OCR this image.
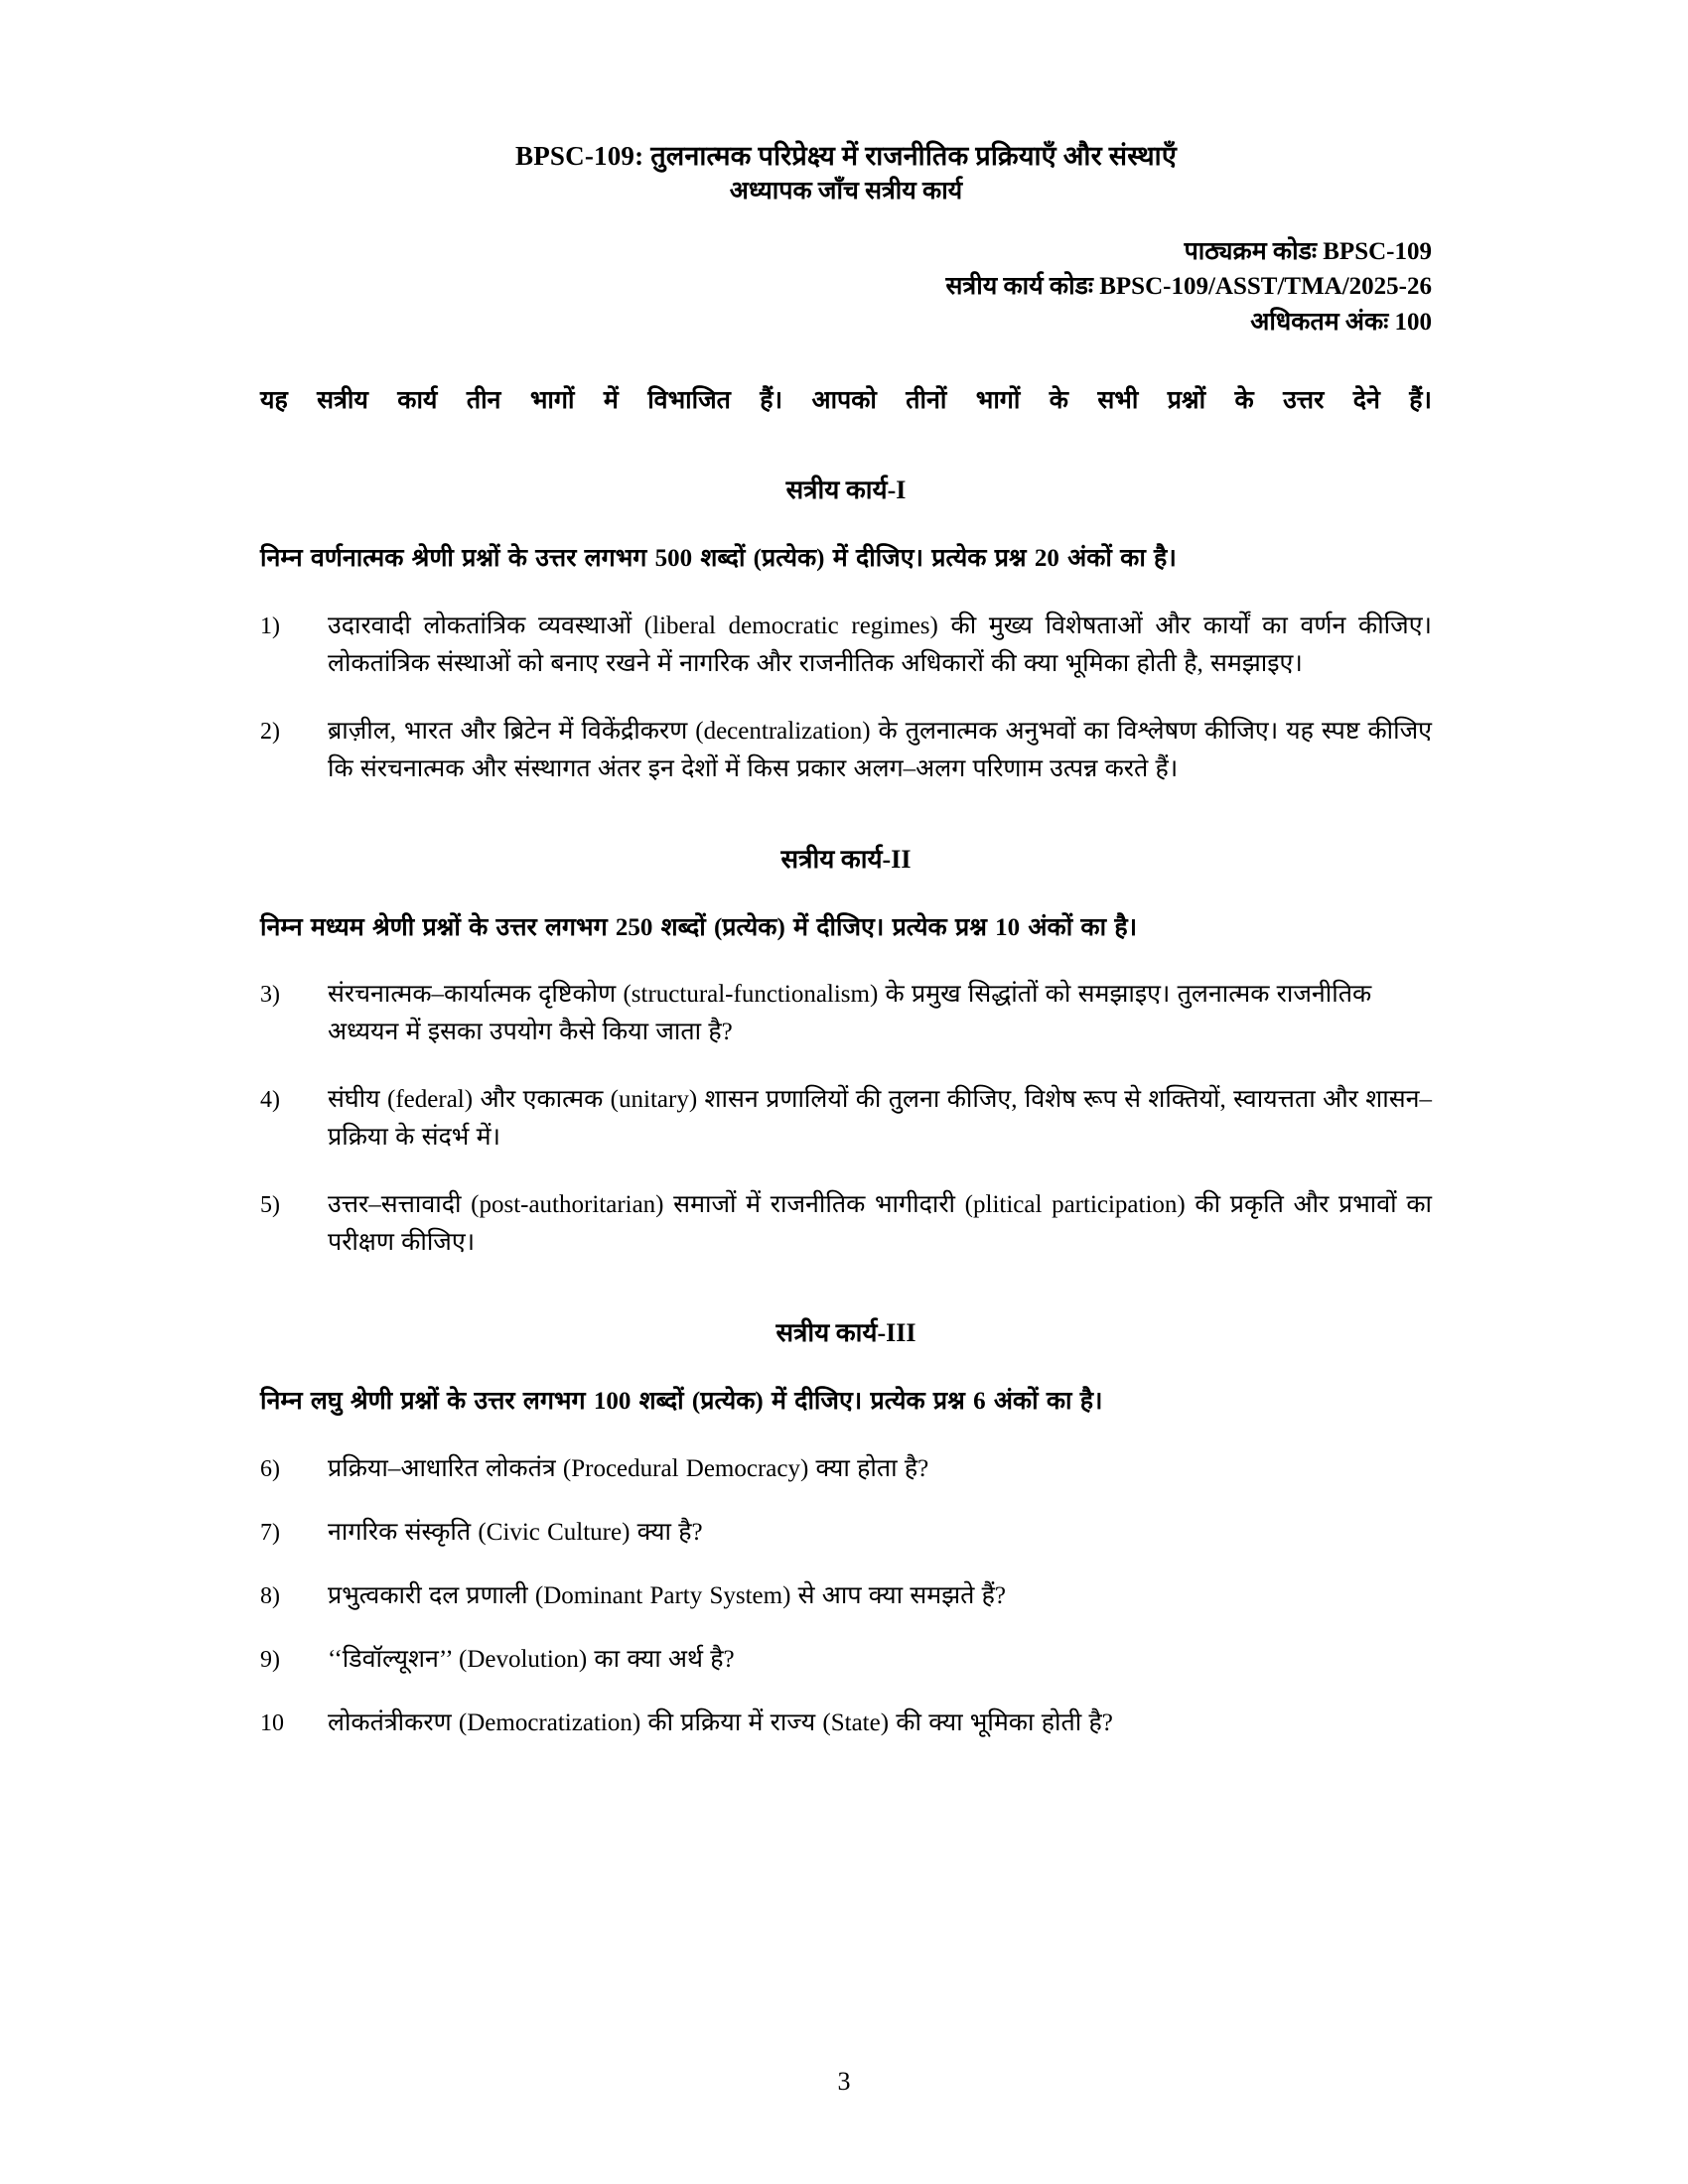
BPSC-109: तुलनात्मक परिप्रेक्ष्य में राजनीतिक प्रक्रियाएँ और संस्थाएँ
अध्यापक जाँच सत्रीय कार्य
पाठ्यक्रम कोडः BPSC-109
सत्रीय कार्य कोडः BPSC-109/ASST/TMA/2025-26
अधिकतम अंकः 100
यह सत्रीय कार्य तीन भागों में विभाजित हैं। आपको तीनों भागों के सभी प्रश्नों के उत्तर देने हैं।
सत्रीय कार्य-I
निम्न वर्णनात्मक श्रेणी प्रश्नों के उत्तर लगभग 500 शब्दों (प्रत्येक) में दीजिए। प्रत्येक प्रश्न 20 अंकों का है।
1)	उदारवादी लोकतांत्रिक व्यवस्थाओं (liberal democratic regimes) की मुख्य विशेषताओं और कार्यों का वर्णन कीजिए। लोकतांत्रिक संस्थाओं को बनाए रखने में नागरिक और राजनीतिक अधिकारों की क्या भूमिका होती है, समझाइए।
2)	ब्राज़ील, भारत और ब्रिटेन में विकेंद्रीकरण (decentralization) के तुलनात्मक अनुभवों का विश्लेषण कीजिए। यह स्पष्ट कीजिए कि संरचनात्मक और संस्थागत अंतर इन देशों में किस प्रकार अलग–अलग परिणाम उत्पन्न करते हैं।
सत्रीय कार्य-II
निम्न मध्यम श्रेणी प्रश्नों के उत्तर लगभग 250 शब्दों (प्रत्येक) में दीजिए। प्रत्येक प्रश्न 10 अंकों का है।
3)	संरचनात्मक–कार्यात्मक दृष्टिकोण (structural-functionalism) के प्रमुख सिद्धांतों को समझाइए। तुलनात्मक राजनीतिक अध्ययन में इसका उपयोग कैसे किया जाता है?
4)	संघीय (federal) और एकात्मक (unitary) शासन प्रणालियों की तुलना कीजिए, विशेष रूप से शक्तियों, स्वायत्तता और शासन–प्रक्रिया के संदर्भ में।
5)	उत्तर–सत्तावादी (post-authoritarian) समाजों में राजनीतिक भागीदारी (plitical participation) की प्रकृति और प्रभावों का परीक्षण कीजिए।
सत्रीय कार्य-III
निम्न लघु श्रेणी प्रश्नों के उत्तर लगभग 100 शब्दों (प्रत्येक) में दीजिए। प्रत्येक प्रश्न 6 अंकों का है।
6)	प्रक्रिया–आधारित लोकतंत्र (Procedural Democracy) क्या होता है?
7)	नागरिक संस्कृति (Civic Culture) क्या है?
8)	प्रभुत्वकारी दल प्रणाली (Dominant Party System) से आप क्या समझते हैं?
9)	‘‘डिवॉल्यूशन’’ (Devolution) का क्या अर्थ है?
10	लोकतंत्रीकरण (Democratization) की प्रक्रिया में राज्य (State) की क्या भूमिका होती है?
3
